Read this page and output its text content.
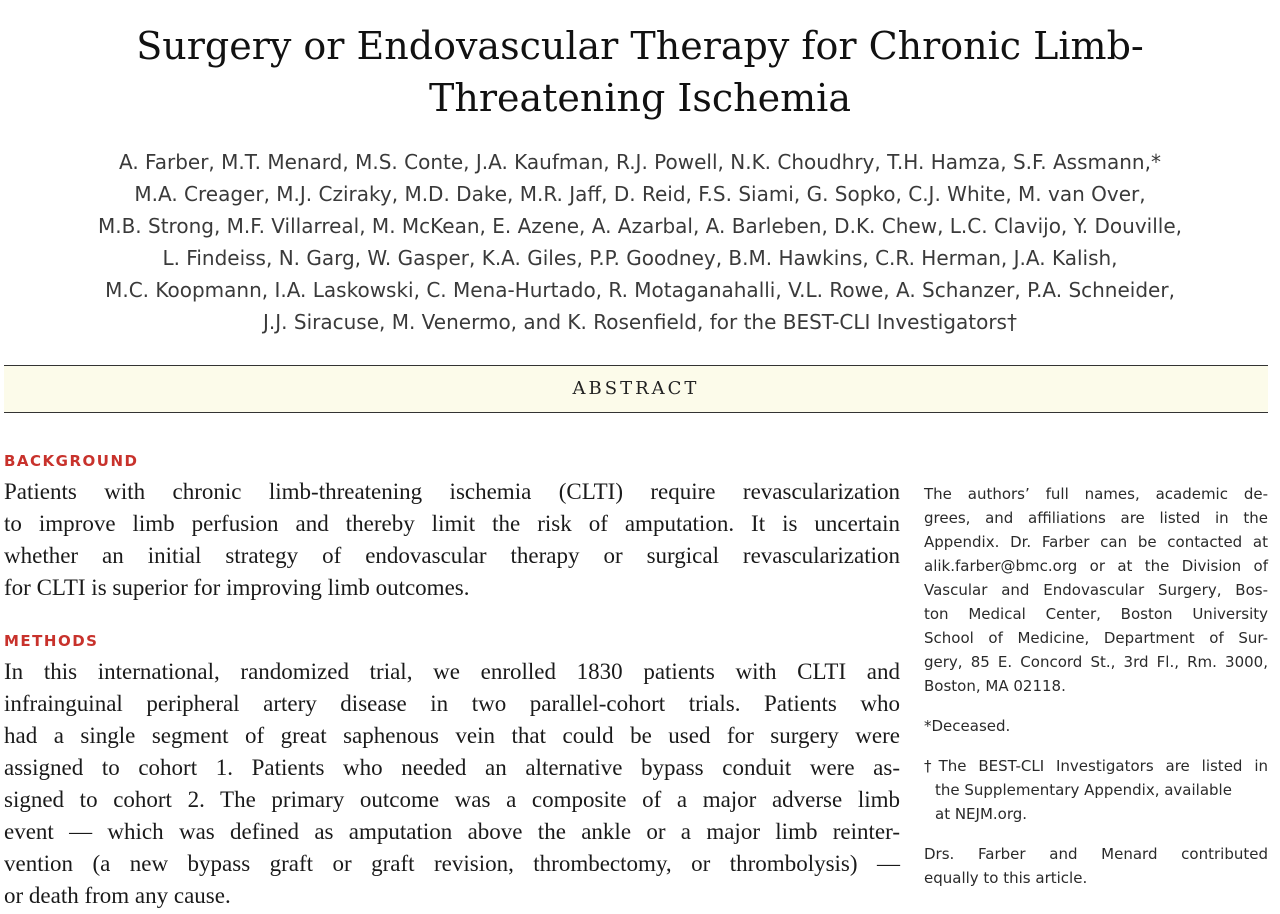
Surgery or Endovascular Therapy for Chronic Limb-
Threatening Ischemia
A. Farber, M.T. Menard, M.S. Conte, J.A. Kaufman, R.J. Powell, N.K. Choudhry, T.H. Hamza, S.F. Assmann,*
M.A. Creager, M.J. Cziraky, M.D. Dake, M.R. Jaff, D. Reid, F.S. Siami, G. Sopko, C.J. White, M. van Over,
M.B. Strong, M.F. Villarreal, M. McKean, E. Azene, A. Azarbal, A. Barleben, D.K. Chew, L.C. Clavijo, Y. Douville,
L. Findeiss, N. Garg, W. Gasper, K.A. Giles, P.P. Goodney, B.M. Hawkins, C.R. Herman, J.A. Kalish,
M.C. Koopmann, I.A. Laskowski, C. Mena-Hurtado, R. Motaganahalli, V.L. Rowe, A. Schanzer, P.A. Schneider,
J.J. Siracuse, M. Venermo, and K. Rosenfield, for the BEST-CLI Investigators†
ABSTRACT
BACKGROUND
Patients with chronic limb-threatening ischemia (CLTI) require revascularization
to improve limb perfusion and thereby limit the risk of amputation. It is uncertain
whether an initial strategy of endovascular therapy or surgical revascularization
for CLTI is superior for improving limb outcomes.
METHODS
In this international, randomized trial, we enrolled 1830 patients with CLTI and
infrainguinal peripheral artery disease in two parallel-cohort trials. Patients who
had a single segment of great saphenous vein that could be used for surgery were
assigned to cohort 1. Patients who needed an alternative bypass conduit were as-
signed to cohort 2. The primary outcome was a composite of a major adverse limb
event — which was defined as amputation above the ankle or a major limb reinter-
vention (a new bypass graft or graft revision, thrombectomy, or thrombolysis) —
or death from any cause.
The authors’ full names, academic de-
grees, and affiliations are listed in the
Appendix. Dr. Farber can be contacted at
alik.farber@bmc.org or at the Division of
Vascular and Endovascular Surgery, Bos-
ton Medical Center, Boston University
School of Medicine, Department of Sur-
gery, 85 E. Concord St., 3rd Fl., Rm. 3000,
Boston, MA 02118.
*Deceased.
†The BEST-CLI Investigators are listed in
the Supplementary Appendix, available
at NEJM.org.
Drs. Farber and Menard contributed
equally to this article.
